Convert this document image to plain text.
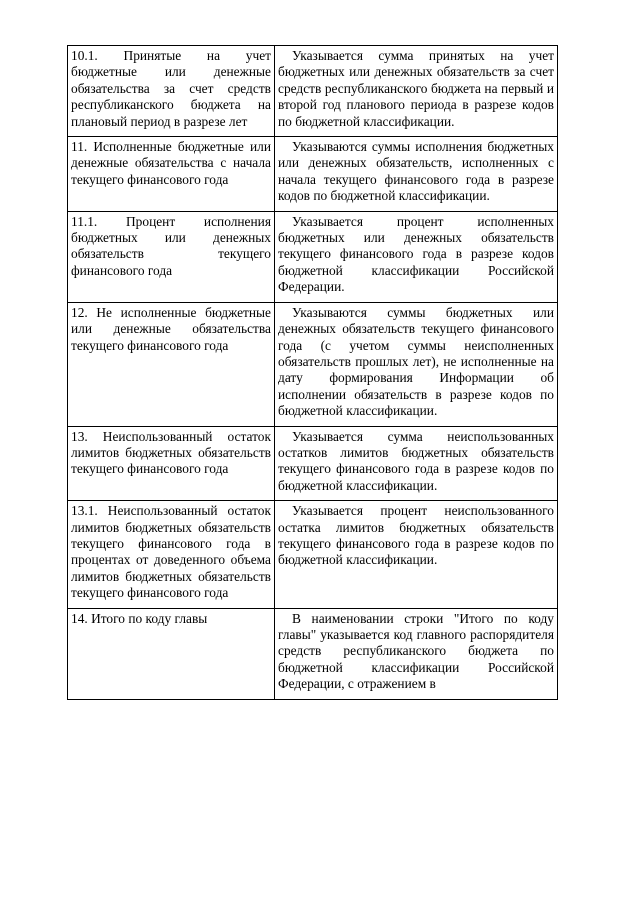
10.1. Принятые на учет бюджетные или денежные обязательства за счет средств республиканского бюджета на плановый период в разрезе лет	Указывается сумма принятых на учет бюджетных или денежных обязательств за счет средств республиканского бюджета на первый и второй год планового периода в разрезе кодов по бюджетной классификации.
11. Исполненные бюджетные или денежные обязательства с начала текущего финансового года	Указываются суммы исполнения бюджетных или денежных обязательств, исполненных с начала текущего финансового года в разрезе кодов по бюджетной классификации.
11.1. Процент исполнения бюджетных или денежных обязательств текущего финансового года	Указывается процент исполненных бюджетных или денежных обязательств текущего финансового года в разрезе кодов бюджетной классификации Российской Федерации.
12. Не исполненные бюджетные или денежные обязательства текущего финансового года	Указываются суммы бюджетных или денежных обязательств текущего финансового года (с учетом суммы неисполненных обязательств прошлых лет), не исполненные на дату формирования Информации об исполнении обязательств в разрезе кодов по бюджетной классификации.
13. Неиспользованный остаток лимитов бюджетных обязательств текущего финансового года	Указывается сумма неиспользованных остатков лимитов бюджетных обязательств текущего финансового года в разрезе кодов по бюджетной классификации.
13.1. Неиспользованный остаток лимитов бюджетных обязательств текущего финансового года в процентах от доведенного объема лимитов бюджетных обязательств текущего финансового года	Указывается процент неиспользованного остатка лимитов бюджетных обязательств текущего финансового года в разрезе кодов по бюджетной классификации.
14. Итого по коду главы	В наименовании строки "Итого по коду главы" указывается код главного распорядителя средств республиканского бюджета по бюджетной классификации Российской Федерации, с отражением в
